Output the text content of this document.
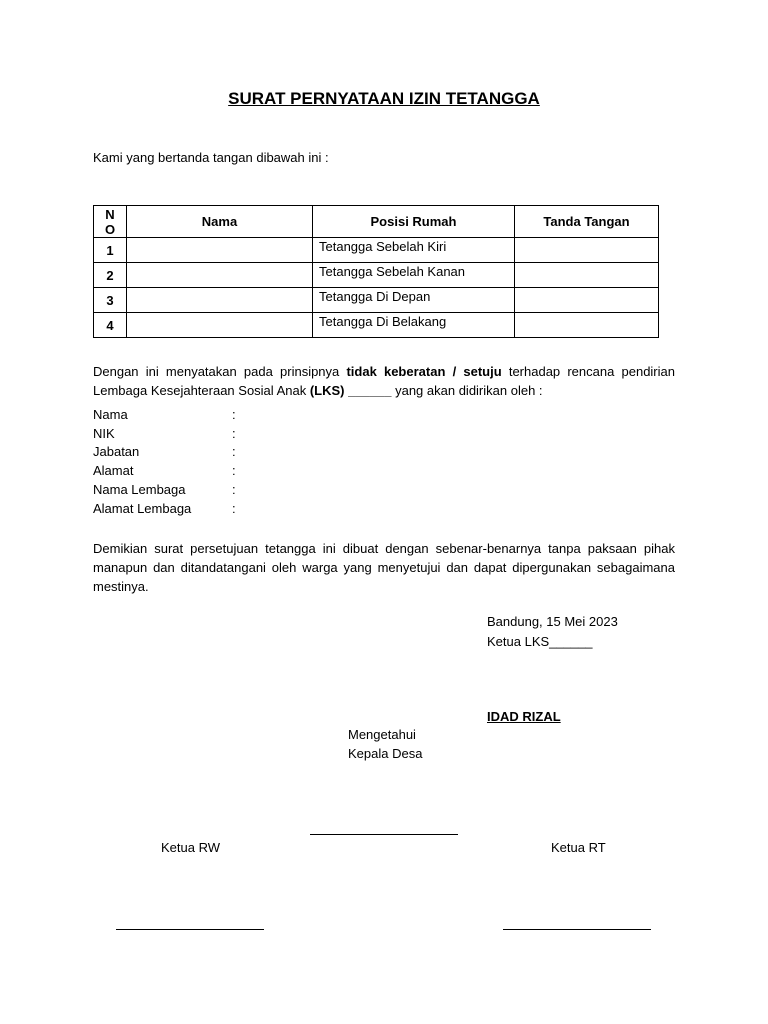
SURAT PERNYATAAN IZIN TETANGGA
Kami yang bertanda tangan dibawah ini :
N
O	Nama	Posisi Rumah	Tanda Tangan
1		Tetangga Sebelah Kiri	
2		Tetangga Sebelah Kanan	
3		Tetangga Di Depan	
4		Tetangga Di Belakang	
Dengan ini menyatakan pada prinsipnya tidak keberatan / setuju terhadap rencana pendirian Lembaga Kesejahteraan Sosial Anak (LKS) ______ yang akan didirikan oleh :
Nama	:
NIK	:
Jabatan	:
Alamat	:
Nama Lembaga	:
Alamat Lembaga	:
Demikian surat persetujuan tetangga ini dibuat dengan sebenar-benarnya tanpa paksaan pihak manapun dan ditandatangani oleh warga yang menyetujui dan dapat dipergunakan sebagaimana mestinya.
Bandung, 15 Mei 2023
Ketua LKS______
IDAD RIZAL
Mengetahui
Kepala Desa
Ketua RW	Ketua RT
